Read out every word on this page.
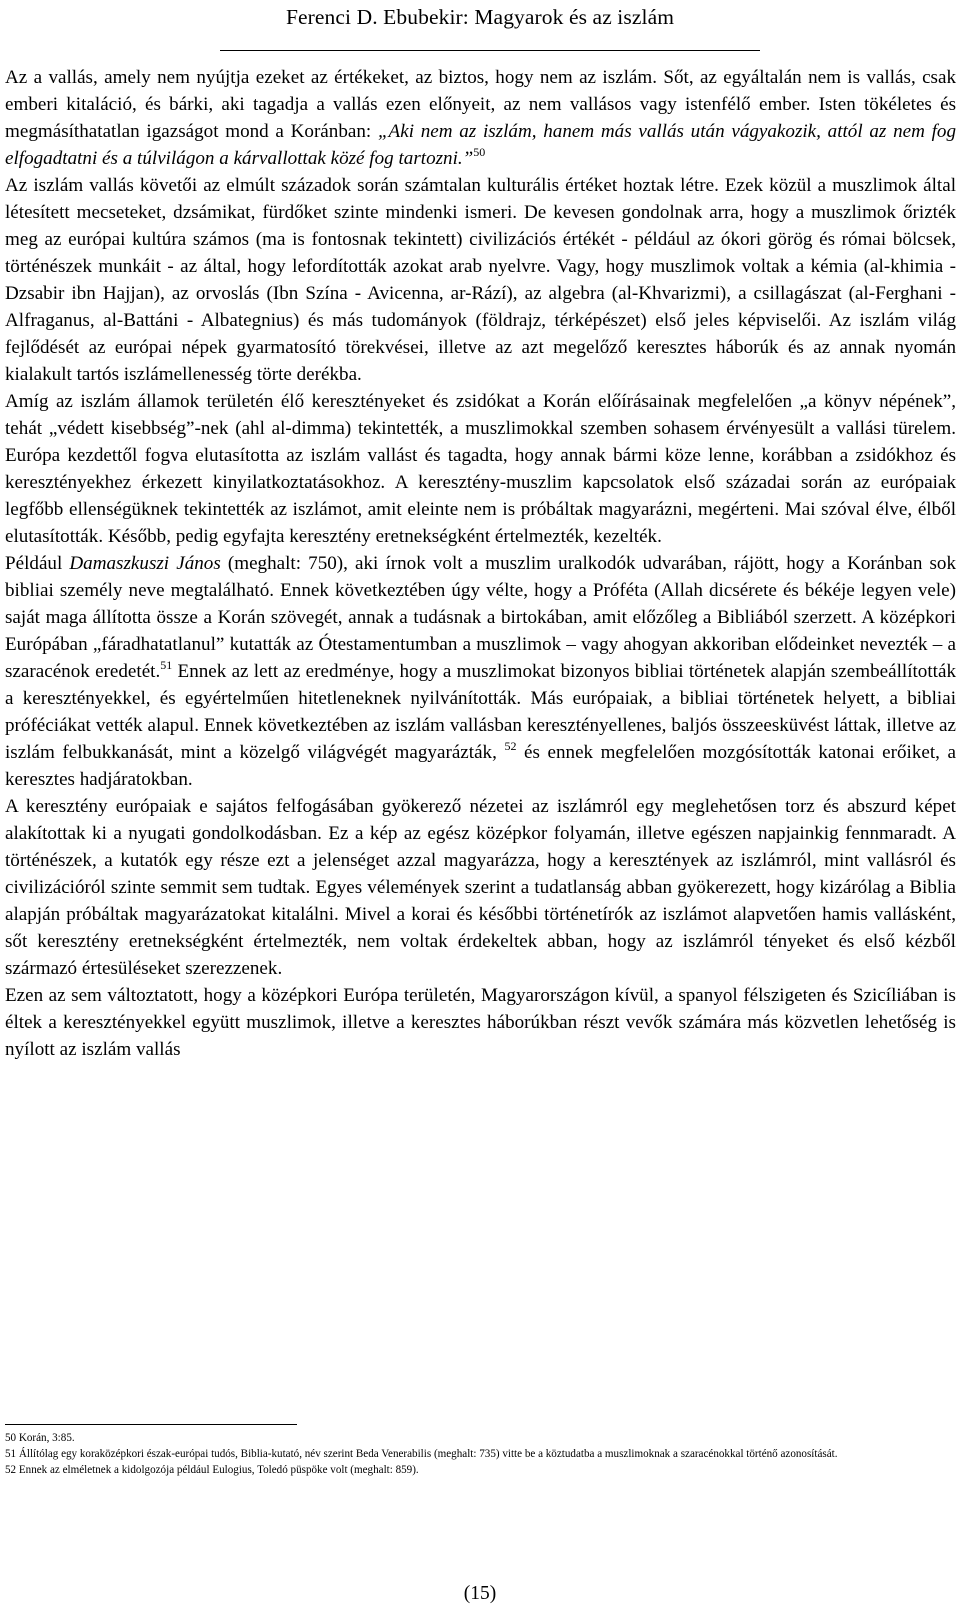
Ferenci D. Ebubekir: Magyarok és az iszlám

Az a vallás, amely nem nyújtja ezeket az értékeket, az biztos, hogy nem az iszlám. Sőt, az egyáltalán nem is vallás, csak emberi kitaláció, és bárki, aki tagadja a vallás ezen előnyeit, az nem vallásos vagy istenfélő ember. Isten tökéletes és megmásíthatatlan igazságot mond a Koránban: „Aki nem az iszlám, hanem más vallás után vágyakozik, attól az nem fog elfogadtatni és a túlvilágon a kárvallottak közé fog tartozni.”$^{50}$

Az iszlám vallás követői az elmúlt századok során számtalan kulturális értéket hoztak létre. Ezek közül a muszlimok által létesített mecseteket, dzsámikat, fürdőket szinte mindenki ismeri. De kevesen gondolnak arra, hogy a muszlimok őrizték meg az európai kultúra számos (ma is fontosnak tekintett) civilizációs értékét - például az ókori görög és római bölcsek, történészek munkáit - az által, hogy lefordították azokat arab nyelvre. Vagy, hogy muszlimok voltak a kémia (al-khimia - Dzsabir ibn Hajjan), az orvoslás (Ibn Szína - Avicenna, ar-Rází), az algebra (al-Khvarizmi), a csillagászat (al-Ferghani - Alfraganus, al-Battáni - Albategnius) és más tudományok (földrajz, térképészet) első jeles képviselői. Az iszlám világ fejlődését az európai népek gyarmatosító törekvései, illetve az azt megelőző keresztes háborúk és az annak nyomán kialakult tartós iszlámellenesség törte derékba.

Amíg az iszlám államok területén élő keresztényeket és zsidókat a Korán előírásainak megfelelően „a könyv népének”, tehát „védett kisebbség”-nek (ahl al-dimma) tekintették, a muszlimokkal szemben sohasem érvényesült a vallási türelem. Európa kezdettől fogva elutasította az iszlám vallást és tagadta, hogy annak bármi köze lenne, korábban a zsidókhoz és keresztényekhez érkezett kinyilatkoztatásokhoz. A keresztény-muszlim kapcsolatok első századai során az európaiak legfőbb ellenségüknek tekintették az iszlámot, amit eleinte nem is próbáltak magyarázni, megérteni. Mai szóval élve, élből elutasították. Később, pedig egyfajta keresztény eretnekségként értelmezték, kezelték.

Például Damaszkuszi János (meghalt: 750), aki írnok volt a muszlim uralkodók udvarában, rájött, hogy a Koránban sok bibliai személy neve megtalálható. Ennek következtében úgy vélte, hogy a Próféta (Allah dicsérete és békéje legyen vele) saját maga állította össze a Korán szövegét, annak a tudásnak a birtokában, amit előzőleg a Bibliából szerzett. A középkori Európában „fáradhatatlanul” kutatták az Ótestamentumban a muszlimok – vagy ahogyan akkoriban elődeinket nevezték – a szaracénok eredetét.$^{51}$ Ennek az lett az eredménye, hogy a muszlimokat bizonyos bibliai történetek alapján szembeállították a keresztényekkel, és egyértelműen hitetleneknek nyilvánították. Más európaiak, a bibliai történetek helyett, a bibliai próféciákat vették alapul. Ennek következtében az iszlám vallásban keresztényellenes, baljós összeesküvést láttak, illetve az iszlám felbukkanását, mint a közelgő világvégét magyarázták, $^{52}$ és ennek megfelelően mozgósították katonai erőiket, a keresztes hadjáratokban.

A keresztény európaiak e sajátos felfogásában gyökerező nézetei az iszlámról egy meglehetősen torz és abszurd képet alakítottak ki a nyugati gondolkodásban. Ez a kép az egész középkor folyamán, illetve egészen napjainkig fennmaradt. A történészek, a kutatók egy része ezt a jelenséget azzal magyarázza, hogy a keresztények az iszlámról, mint vallásról és civilizációról szinte semmit sem tudtak. Egyes vélemények szerint a tudatlanság abban gyökerezett, hogy kizárólag a Biblia alapján próbáltak magyarázatokat kitalálni. Mivel a korai és későbbi történetírók az iszlámot alapvetően hamis vallásként, sőt keresztény eretnekségként értelmezték, nem voltak érdekeltek abban, hogy az iszlámról tényeket és első kézből származó értesüléseket szerezzenek.

Ezen az sem változtatott, hogy a középkori Európa területén, Magyarországon kívül, a spanyol félszigeten és Szicíliában is éltek a keresztényekkel együtt muszlimok, illetve a keresztes háborúkban részt vevők számára más közvetlen lehetőség is nyílott az iszlám vallás

50 Korán, 3:85.

51 Állítólag egy koraközépkori észak-európai tudós, Biblia-kutató, név szerint Beda Venerabilis (meghalt: 735) vitte be a köztudatba a muszlimoknak a szaracénokkal történő azonosítását.

52 Ennek az elméletnek a kidolgozója például Eulogius, Toledó püspöke volt (meghalt: 859).

(15)
